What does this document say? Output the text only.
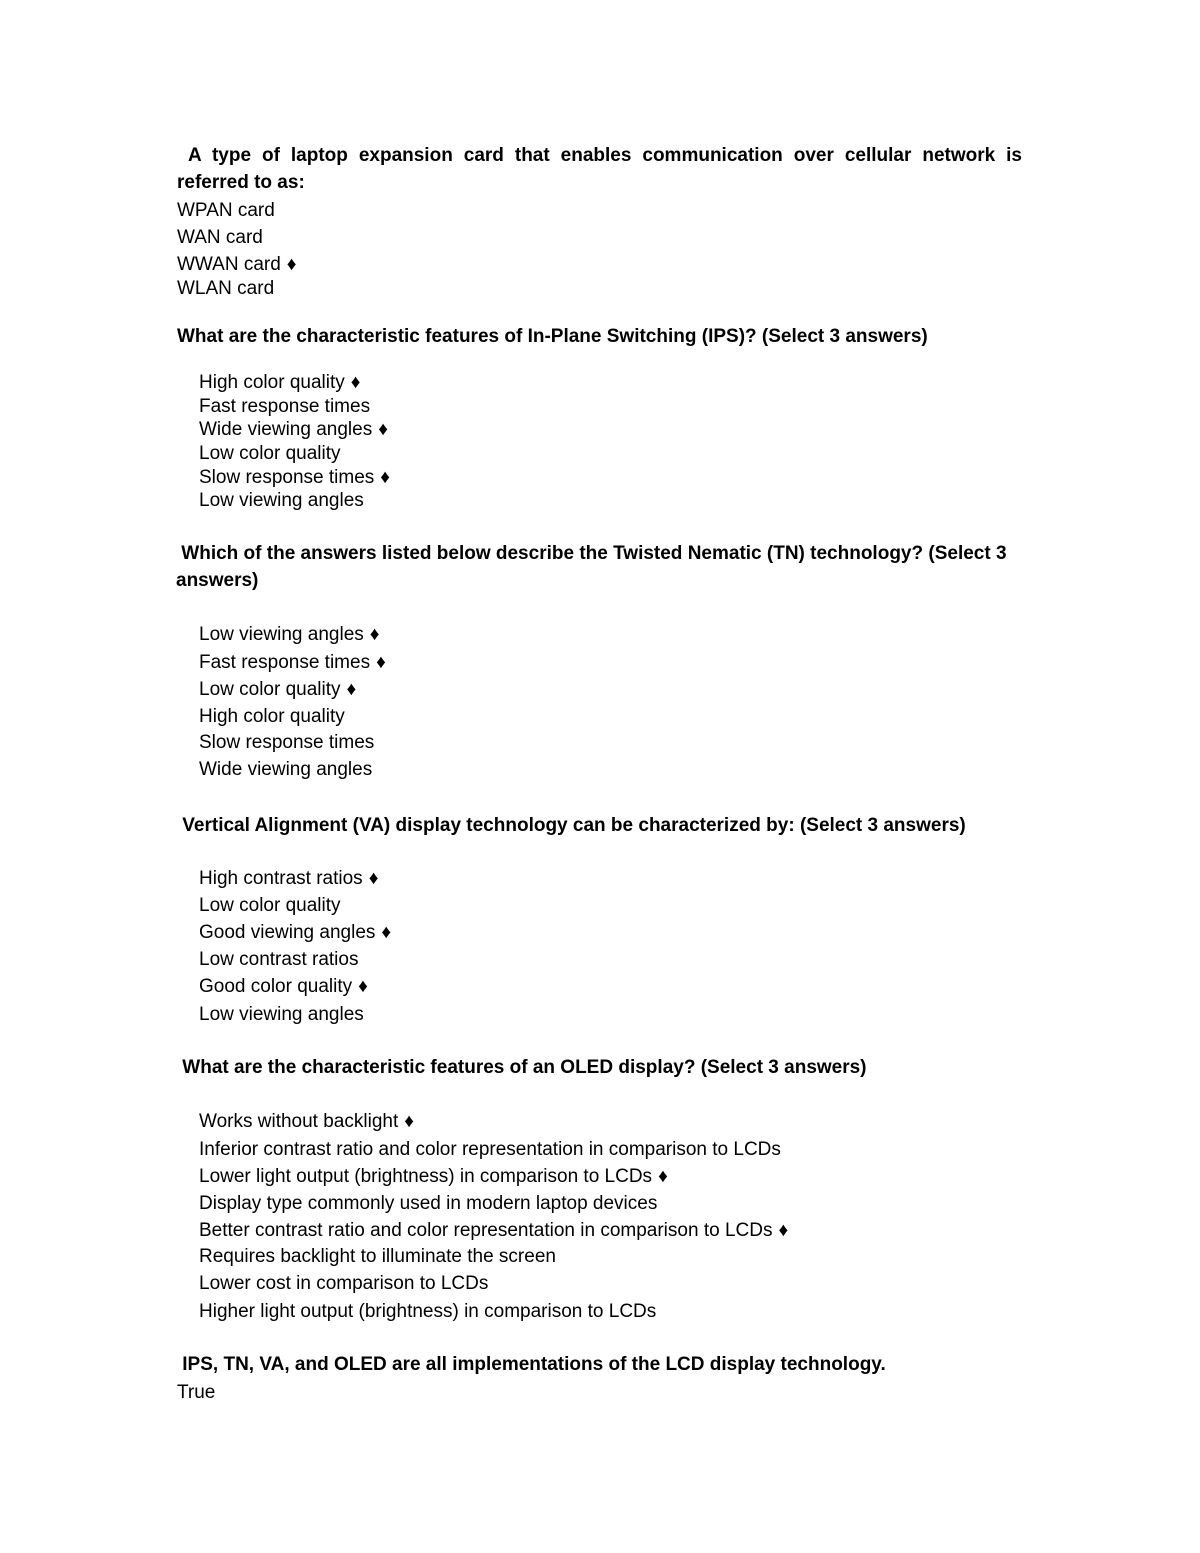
A type of laptop expansion card that enables communication over cellular network is referred to as:

WPAN card

WAN card

WWAN card ♦

WLAN card

What are the characteristic features of In-Plane Switching (IPS)? (Select 3 answers)

High color quality ♦

Fast response times

Wide viewing angles ♦

Low color quality

Slow response times ♦

Low viewing angles

Which of the answers listed below describe the Twisted Nematic (TN) technology? (Select 3 answers)

Low viewing angles ♦

Fast response times ♦

Low color quality ♦

High color quality

Slow response times

Wide viewing angles

Vertical Alignment (VA) display technology can be characterized by: (Select 3 answers)

High contrast ratios ♦

Low color quality

Good viewing angles ♦

Low contrast ratios

Good color quality ♦

Low viewing angles

What are the characteristic features of an OLED display? (Select 3 answers)

Works without backlight ♦

Inferior contrast ratio and color representation in comparison to LCDs

Lower light output (brightness) in comparison to LCDs ♦

Display type commonly used in modern laptop devices

Better contrast ratio and color representation in comparison to LCDs ♦

Requires backlight to illuminate the screen

Lower cost in comparison to LCDs

Higher light output (brightness) in comparison to LCDs

IPS, TN, VA, and OLED are all implementations of the LCD display technology.

True
